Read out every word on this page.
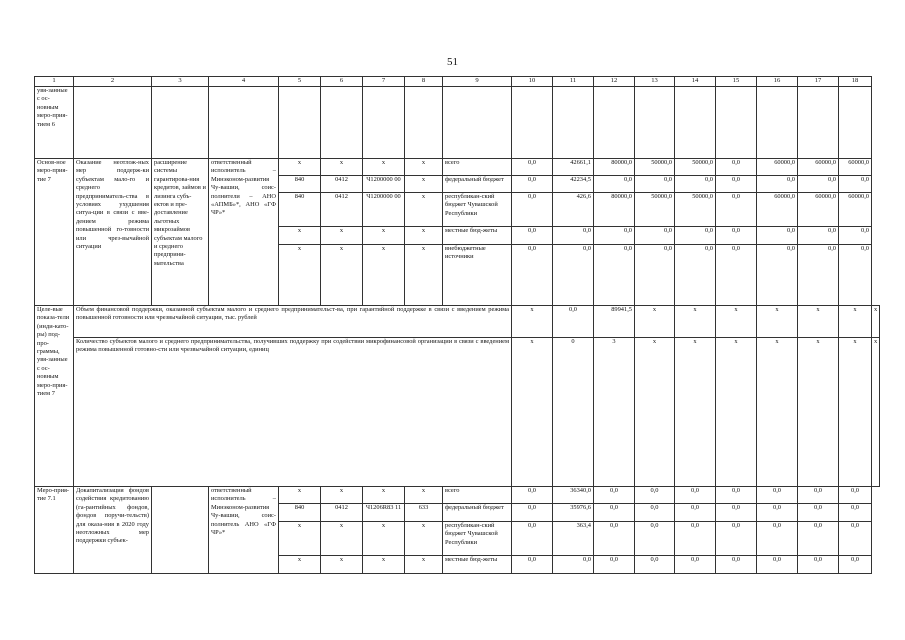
51
1	2	3	4	5	6	7	8	9	10	11	12	13	14	15	16	17	18	
увя-занные с ос-новным меро-прия-тием 6																		
Основ-ное меро-прия-тие 7	Оказание неотлож-ных мер поддерж-ки субъектам мало-го и среднего предприниматель-ства в условиях ухудшения ситуа-ции в связи с вве-дением режима повышенной го-товности или чрез-вычайной ситуации	расширение системы гарантирова-ния кредитов, займов и лизинга субъ-ектов и пре-доставление льготных микрозаймов субъектам малого и среднего предприни-мательства	ответственный исполнитель – Минэконом-развития Чу-вашии, соис-полнители – АНО «АПМБ»*, АНО «ГФ ЧР»*	х	х	х	х	всего	0,0	42661,1	80000,0	50000,0	50000,0	0,0	60000,0	60000,0	60000,0	
				840	0412	Ч1200000 00	х	федеральный бюджет	0,0	42234,5	0,0	0,0	0,0	0,0	0,0	0,0	0,0	
				840	0412	Ч1200000 00	х	республикан-ский бюджет Чувашской Республики	0,0	426,6	80000,0	50000,0	50000,0	0,0	60000,0	60000,0	60000,0	
				х	х	х	х	местные бюд-жеты	0,0	0,0	0,0	0,0	0,0	0,0	0,0	0,0	0,0	
				х	х	х	х	внебюджетные источники	0,0	0,0	0,0	0,0	0,0	0,0	0,0	0,0	0,0	
Целе-вые показа-тели (инди-като-ры) под-про-граммы, увя-занные с ос-новным меро-прия-тием 7	Объем финансовой поддержки, оказанной субъектам малого и среднего предпринимательст-ва, при гарантийной поддержке в связи с введением режима повышенной готовности или чрезвычайной ситуации, тыс. рублей								х	0,0	89941,5	х	х	х	х	х	х	х
	Количество субъектов малого и среднего предпринимательства, получивших поддержку при содействии микрофинансовой организации в связи с введением режима повышенной готовно-сти или чрезвычайной ситуации, единиц								х	0	3	х	х	х	х	х	х	х
Меро-прия-тие 7.1	Докапитализация фондов содействия кредитованию (га-рантийных фондов, фондов поручи-тельств) для оказа-ния в 2020 году неотложных мер поддержки субъек-		ответственный исполнитель – Минэконом-развития Чу-вашии, соис-полнитель АНО «ГФ ЧР»*	х	х	х	х	всего	0,0	36340,0	0,0	0,0	0,0	0,0	0,0	0,0	0,0	
				840	0412	Ч1206R83 11	633	федеральный бюджет	0,0	35976,6	0,0	0,0	0,0	0,0	0,0	0,0	0,0	
				х	х	х	х	республикан-ский бюджет Чувашской Республики	0,0	363,4	0,0	0,0	0,0	0,0	0,0	0,0	0,0	
				х	х	х	х	местные бюд-жеты	0,0	0,0	0,0	0,0	0,0	0,0	0,0	0,0	0,0	
